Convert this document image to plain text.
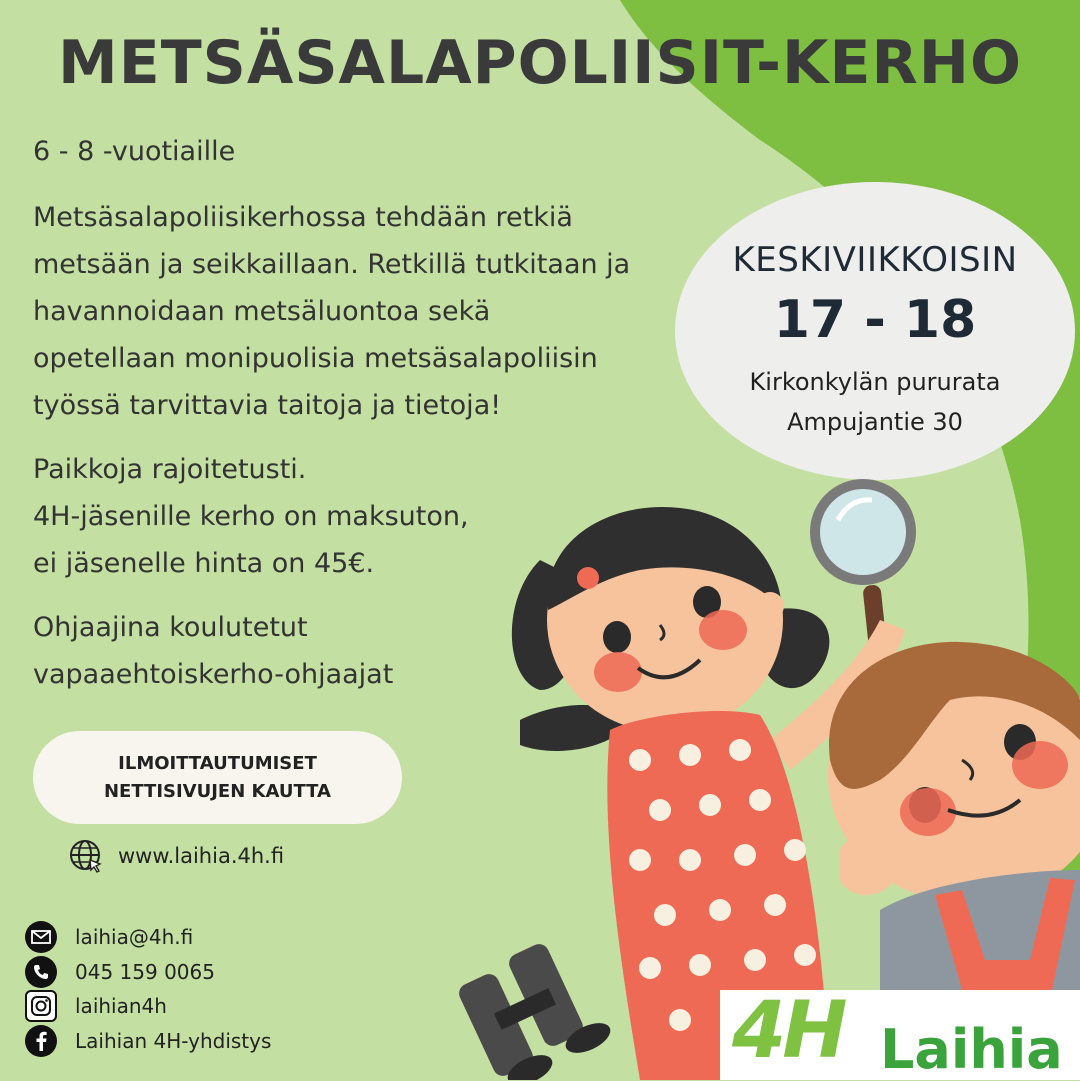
METSÄSALAPOLIISIT-KERHO
6 - 8 -vuotiaille
Metsäsalapoliisikerhossa tehdään retkiä
metsään ja seikkaillaan. Retkillä tutkitaan ja
havannoidaan metsäluontoa sekä
opetellaan monipuolisia metsäsalapoliisin
työssä tarvittavia taitoja ja tietoja!
Paikkoja rajoitetusti.
4H-jäsenille kerho on maksuton,
ei jäsenelle hinta on 45€.
Ohjaajina koulutetut
vapaaehtoiskerho-ohjaajat
KESKIVIIKKOISIN
17 - 18
Kirkonkylän pururata
Ampujantie 30
ILMOITTAUTUMISET
NETTISIVUJEN KAUTTA
www.laihia.4h.fi
laihia@4h.fi
045 159 0065
laihian4h
Laihian 4H-yhdistys	4H Laihia
